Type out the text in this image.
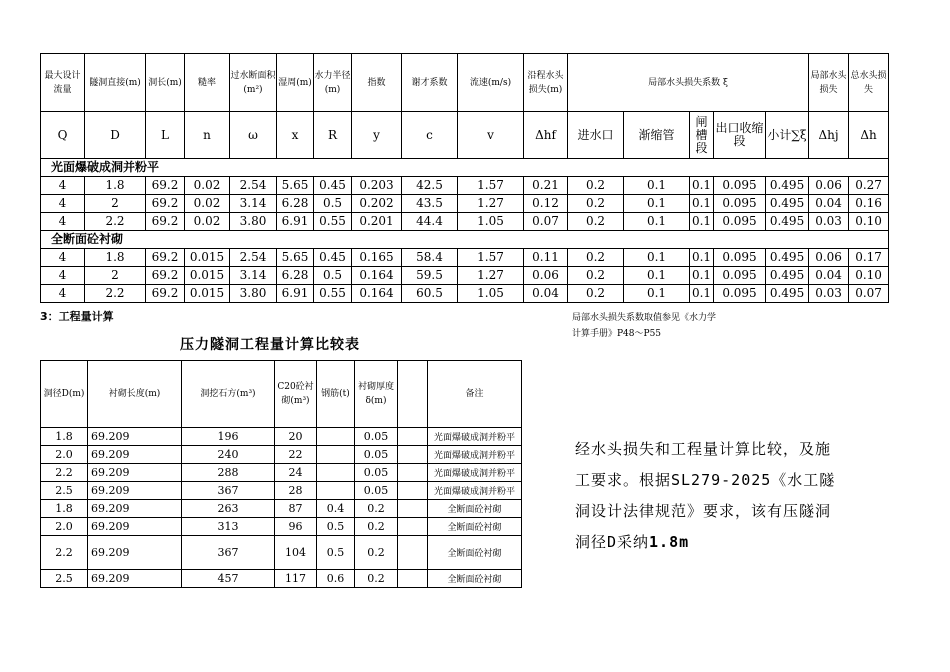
最大设计流量	隧洞直接(m)	洞长(m)	糙率	过水断面积(m²)	湿周(m)	水力半径(m)	指数	谢才系数	流速(m/s)	沿程水头损失(m)	局部水头损失系数 ξ					局部水头损失	总水头损失
Q	D	L	n	ω	x	R	y	c	v	Δhf	进水口	渐缩管	闸槽段	出口收缩段	小计∑ξ	Δhj	Δh
光面爆破成洞并粉平																	
4	1.8	69.2	0.02	2.54	5.65	0.45	0.203	42.5	1.57	0.21	0.2	0.1	0.1	0.095	0.495	0.06	0.27
4	2	69.2	0.02	3.14	6.28	0.5	0.202	43.5	1.27	0.12	0.2	0.1	0.1	0.095	0.495	0.04	0.16
4	2.2	69.2	0.02	3.80	6.91	0.55	0.201	44.4	1.05	0.07	0.2	0.1	0.1	0.095	0.495	0.03	0.10
全断面砼衬砌																	
4	1.8	69.2	0.015	2.54	5.65	0.45	0.165	58.4	1.57	0.11	0.2	0.1	0.1	0.095	0.495	0.06	0.17
4	2	69.2	0.015	3.14	6.28	0.5	0.164	59.5	1.27	0.06	0.2	0.1	0.1	0.095	0.495	0.04	0.10
4	2.2	69.2	0.015	3.80	6.91	0.55	0.164	60.5	1.05	0.04	0.2	0.1	0.1	0.095	0.495	0.03	0.07
3：工程量计算
压力隧洞工程量计算比较表
局部水头损失系数取值参见《水力学计算手册》P48～P55
洞径D(m)	衬砌长度(m)	洞挖石方(m³)	C20砼衬砌(m³)	钢筋(t)	衬砌厚度δ(m)		备注
1.8	69.209	196	20		0.05		光面爆破成洞并粉平
2.0	69.209	240	22		0.05		光面爆破成洞并粉平
2.2	69.209	288	24		0.05		光面爆破成洞并粉平
2.5	69.209	367	28		0.05		光面爆破成洞并粉平
1.8	69.209	263	87	0.4	0.2		全断面砼衬砌
2.0	69.209	313	96	0.5	0.2		全断面砼衬砌
2.2	69.209	367	104	0.5	0.2		全断面砼衬砌
2.5	69.209	457	117	0.6	0.2		全断面砼衬砌
经水头损失和工程量计算比较，及施工要求。根据SL279-2025《水工隧洞设计法律规范》要求，该有压隧洞洞径D采纳1.8m
